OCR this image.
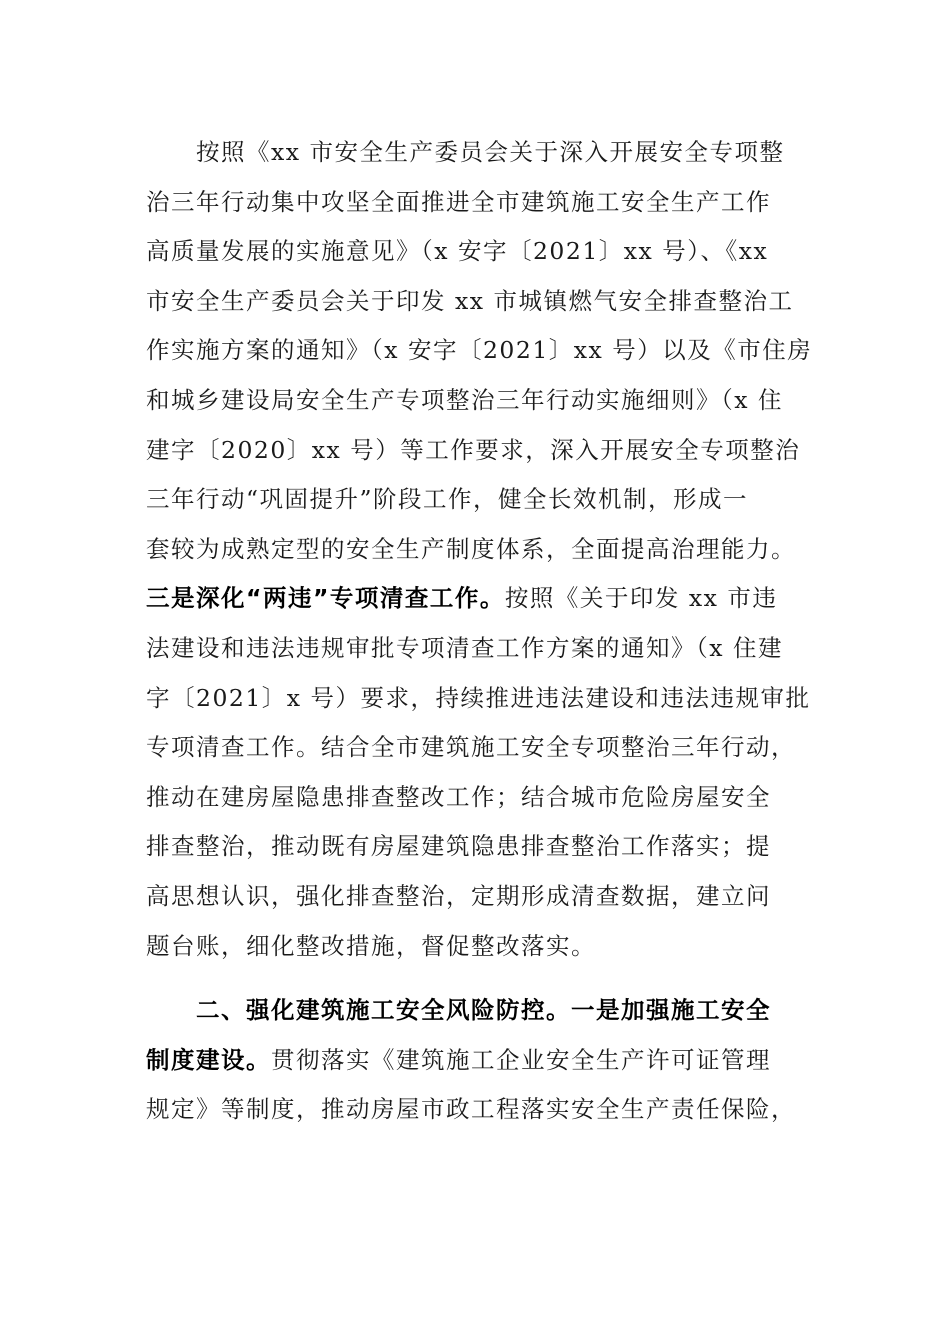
按照《xx 市安全生产委员会关于深入开展安全专项整
治三年行动集中攻坚全面推进全市建筑施工安全生产工作
高质量发展的实施意见》（x 安字〔2021〕xx 号）、《xx
市安全生产委员会关于印发 xx 市城镇燃气安全排查整治工
作实施方案的通知》（x 安字〔2021〕xx 号）以及《市住房
和城乡建设局安全生产专项整治三年行动实施细则》（x 住
建字〔2020〕xx 号）等工作要求，深入开展安全专项整治
三年行动“巩固提升”阶段工作，健全长效机制，形成一
套较为成熟定型的安全生产制度体系，全面提高治理能力。
三是深化“两违”专项清查工作。按照《关于印发 xx 市违
法建设和违法违规审批专项清查工作方案的通知》（x 住建
字〔2021〕x 号）要求，持续推进违法建设和违法违规审批
专项清查工作。结合全市建筑施工安全专项整治三年行动，
推动在建房屋隐患排查整改工作；结合城市危险房屋安全
排查整治，推动既有房屋建筑隐患排查整治工作落实；提
高思想认识，强化排查整治，定期形成清查数据，建立问
题台账，细化整改措施，督促整改落实。
二、强化建筑施工安全风险防控。一是加强施工安全
制度建设。贯彻落实《建筑施工企业安全生产许可证管理
规定》等制度，推动房屋市政工程落实安全生产责任保险，
